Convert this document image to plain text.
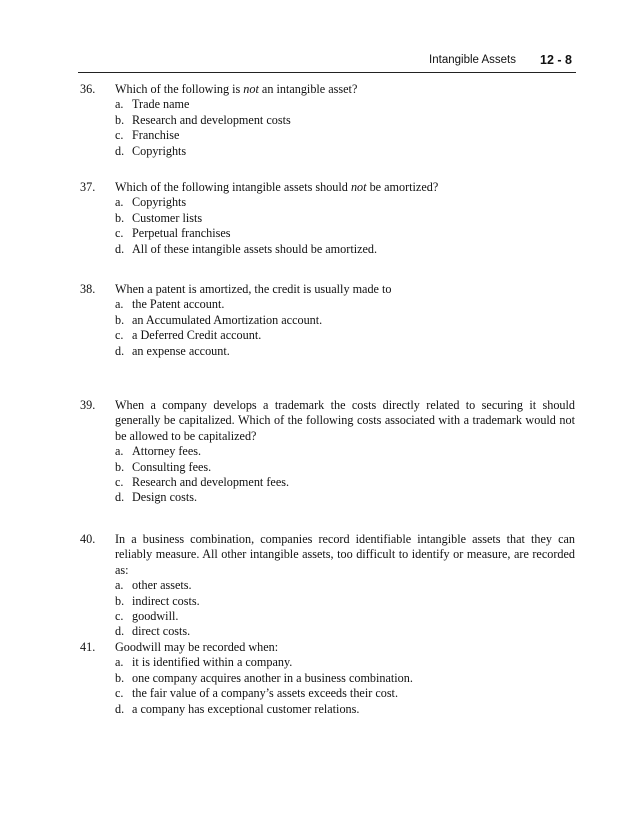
Intangible Assets 12 - 8
36. Which of the following is not an intangible asset?
a. Trade name
b. Research and development costs
c. Franchise
d. Copyrights
37. Which of the following intangible assets should not be amortized?
a. Copyrights
b. Customer lists
c. Perpetual franchises
d. All of these intangible assets should be amortized.
38. When a patent is amortized, the credit is usually made to
a. the Patent account.
b. an Accumulated Amortization account.
c. a Deferred Credit account.
d. an expense account.
39. When a company develops a trademark the costs directly related to securing it should generally be capitalized. Which of the following costs associated with a trademark would not be allowed to be capitalized?
a. Attorney fees.
b. Consulting fees.
c. Research and development fees.
d. Design costs.
40. In a business combination, companies record identifiable intangible assets that they can reliably measure. All other intangible assets, too difficult to identify or measure, are recorded as:
a. other assets.
b. indirect costs.
c. goodwill.
d. direct costs.
41. Goodwill may be recorded when:
a. it is identified within a company.
b. one company acquires another in a business combination.
c. the fair value of a company’s assets exceeds their cost.
d. a company has exceptional customer relations.
